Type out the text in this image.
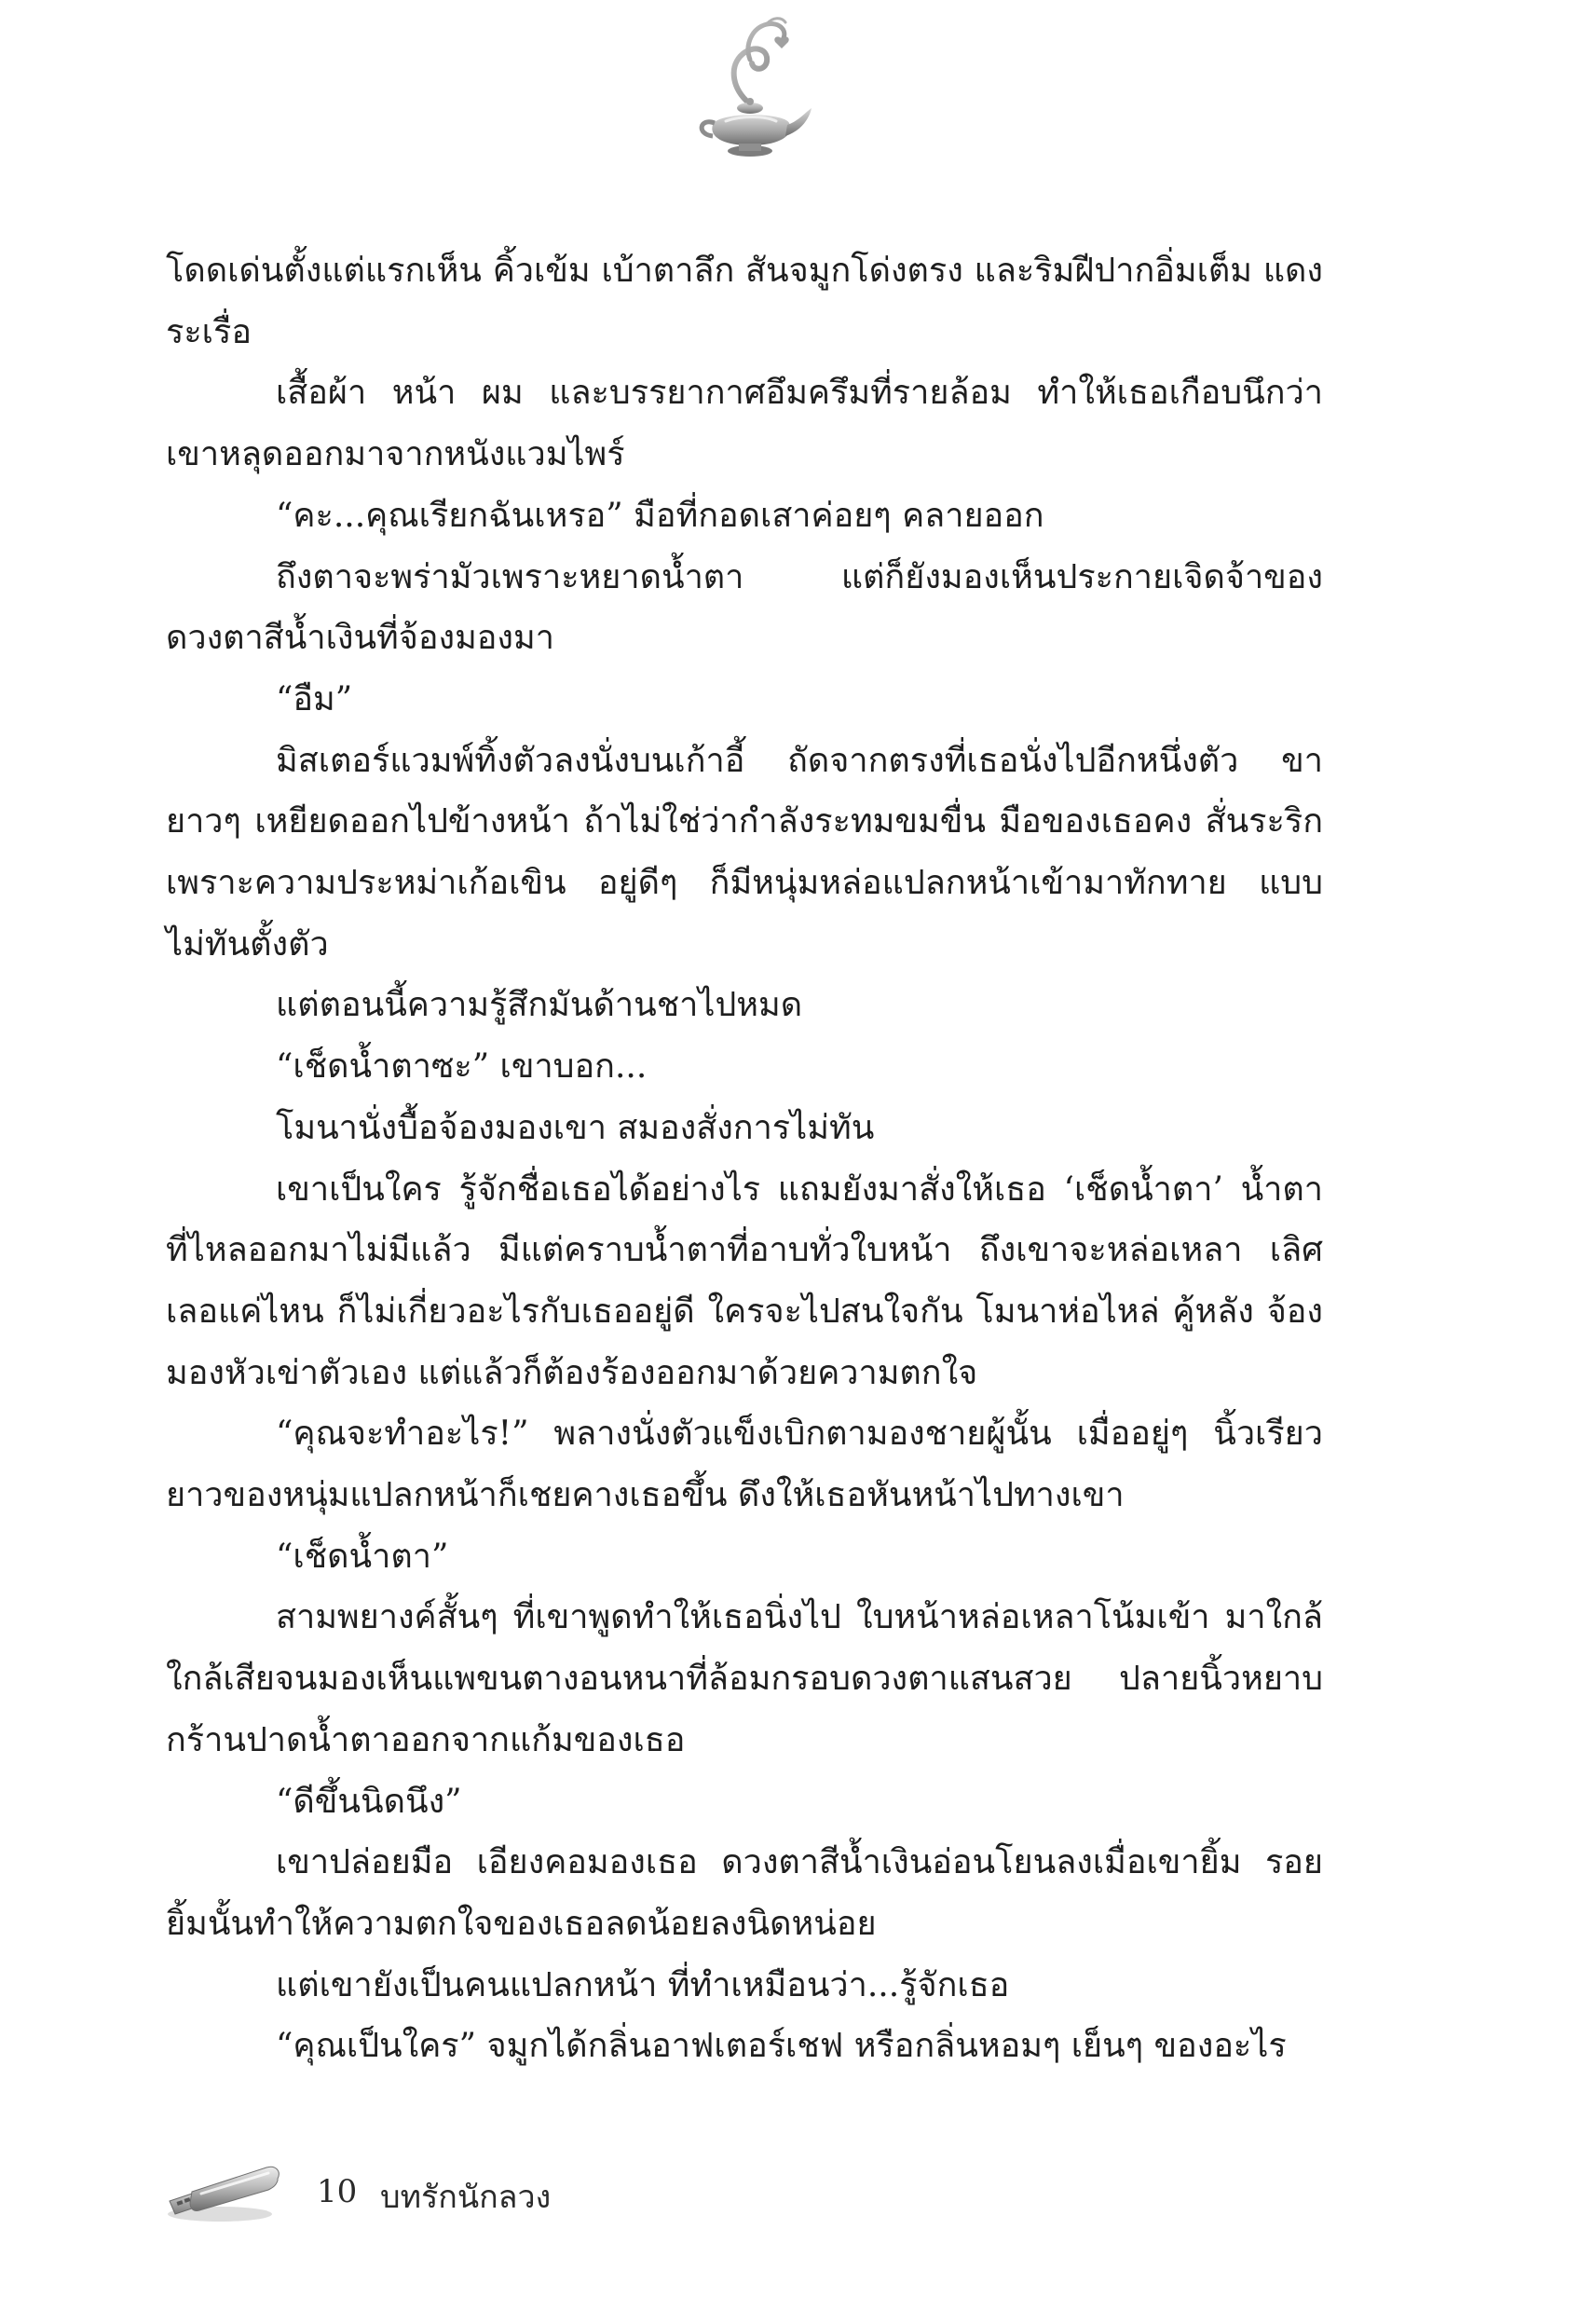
โดดเด่นตั้งแต่แรกเห็น คิ้วเข้ม เบ้าตาลึก สันจมูกโด่งตรง และริมฝีปากอิ่มเต็ม แดงระเรื่อ

เสื้อผ้า หน้า ผม และบรรยากาศอึมครึมที่รายล้อม ทำให้เธอเกือบนึกว่า เขาหลุดออกมาจากหนังแวมไพร์

“คะ...คุณเรียกฉันเหรอ” มือที่กอดเสาค่อยๆ คลายออก

ถึงตาจะพร่ามัวเพราะหยาดน้ำตา แต่ก็ยังมองเห็นประกายเจิดจ้าของ ดวงตาสีน้ำเงินที่จ้องมองมา

“อืม”

มิสเตอร์แวมพ์ทิ้งตัวลงนั่งบนเก้าอี้ ถัดจากตรงที่เธอนั่งไปอีกหนึ่งตัว ขายาวๆ เหยียดออกไปข้างหน้า ถ้าไม่ใช่ว่ากำลังระทมขมขื่น มือของเธอคง สั่นระริกเพราะความประหม่าเก้อเขิน อยู่ดีๆ ก็มีหนุ่มหล่อแปลกหน้าเข้ามาทักทาย แบบไม่ทันตั้งตัว

แต่ตอนนี้ความรู้สึกมันด้านชาไปหมด

“เช็ดน้ำตาซะ” เขาบอก...

โมนานั่งบื้อจ้องมองเขา สมองสั่งการไม่ทัน

เขาเป็นใคร รู้จักชื่อเธอได้อย่างไร แถมยังมาสั่งให้เธอ ‘เช็ดน้ำตา’ น้ำตา ที่ไหลออกมาไม่มีแล้ว มีแต่คราบน้ำตาที่อาบทั่วใบหน้า ถึงเขาจะหล่อเหลา เลิศเลอแค่ไหน ก็ไม่เกี่ยวอะไรกับเธออยู่ดี ใครจะไปสนใจกัน โมนาห่อไหล่ คู้หลัง จ้องมองหัวเข่าตัวเอง แต่แล้วก็ต้องร้องออกมาด้วยความตกใจ

“คุณจะทำอะไร!” พลางนั่งตัวแข็งเบิกตามองชายผู้นั้น เมื่ออยู่ๆ นิ้วเรียวยาวของหนุ่มแปลกหน้าก็เชยคางเธอขึ้น ดึงให้เธอหันหน้าไปทางเขา

“เช็ดน้ำตา”

สามพยางค์สั้นๆ ที่เขาพูดทำให้เธอนิ่งไป ใบหน้าหล่อเหลาโน้มเข้า มาใกล้ ใกล้เสียจนมองเห็นแพขนตางอนหนาที่ล้อมกรอบดวงตาแสนสวย ปลายนิ้วหยาบกร้านปาดน้ำตาออกจากแก้มของเธอ

“ดีขึ้นนิดนึง”

เขาปล่อยมือ เอียงคอมองเธอ ดวงตาสีน้ำเงินอ่อนโยนลงเมื่อเขายิ้ม รอยยิ้มนั้นทำให้ความตกใจของเธอลดน้อยลงนิดหน่อย

แต่เขายังเป็นคนแปลกหน้า ที่ทำเหมือนว่า...รู้จักเธอ

“คุณเป็นใคร” จมูกได้กลิ่นอาฟเตอร์เชฟ หรือกลิ่นหอมๆ เย็นๆ ของอะไร

10 บทรักนักลวง
